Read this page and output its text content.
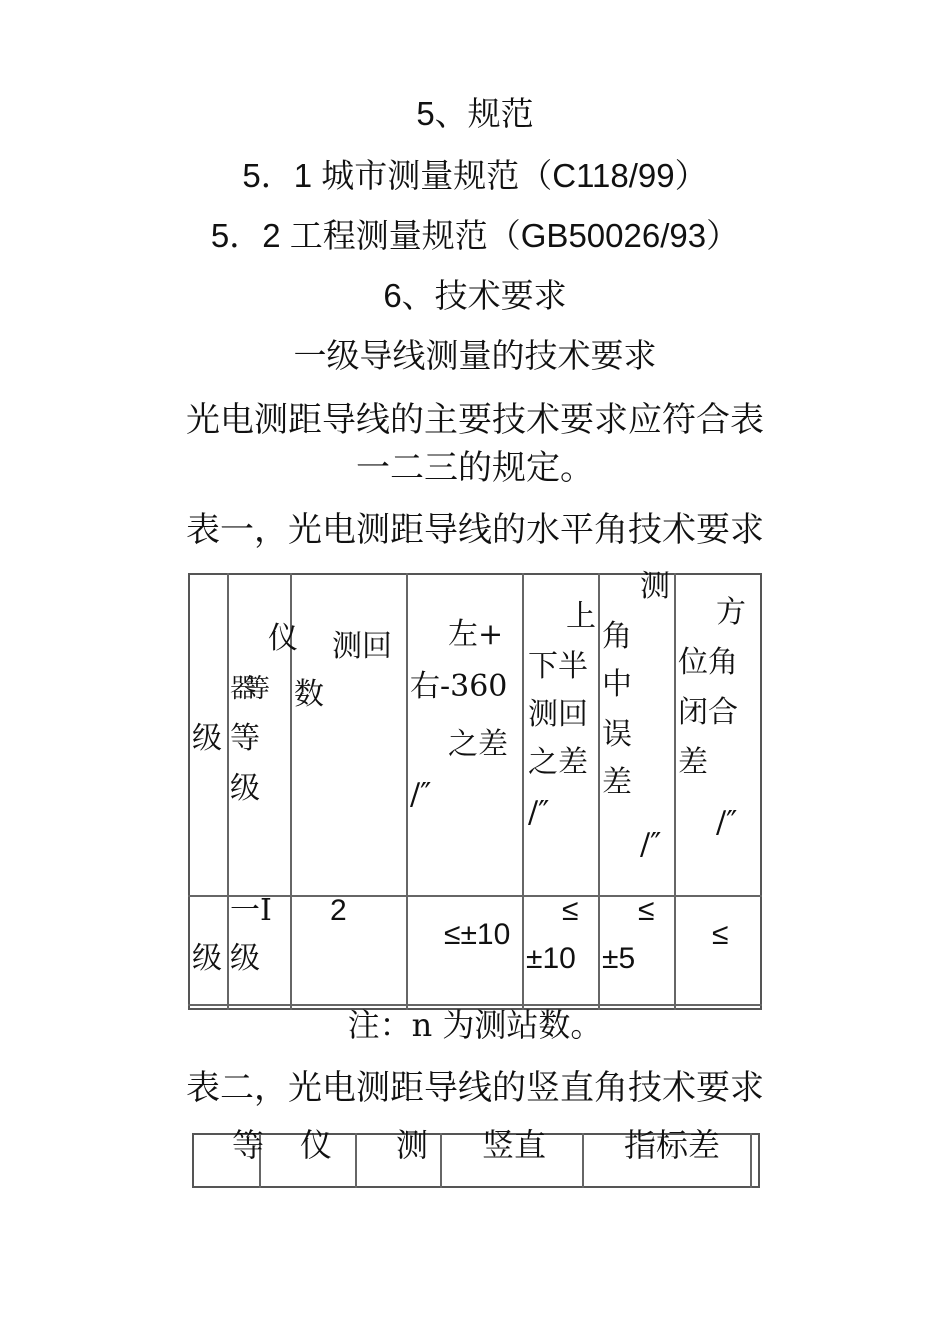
5、规范
5．1 城市测量规范（C118/99）
5．2 工程测量规范（GB50026/93）
6、技术要求
一级导线测量的技术要求
光电测距导线的主要技术要求应符合表
一二三的规定。
表一，光电测距导线的水平角技术要求
级
仪
器等
等
级
测回
数
左+
右-360
之差
/″
上
下半
测回
之差
/″
测
角
中
误
差
/″
方
位角
闭合
差
/″
级
一I
级
2
≤±10
≤
±10
≤
±5
≤
注：n 为测站数。
表二，光电测距导线的竖直角技术要求
等 仪 测 竖直 指标差
